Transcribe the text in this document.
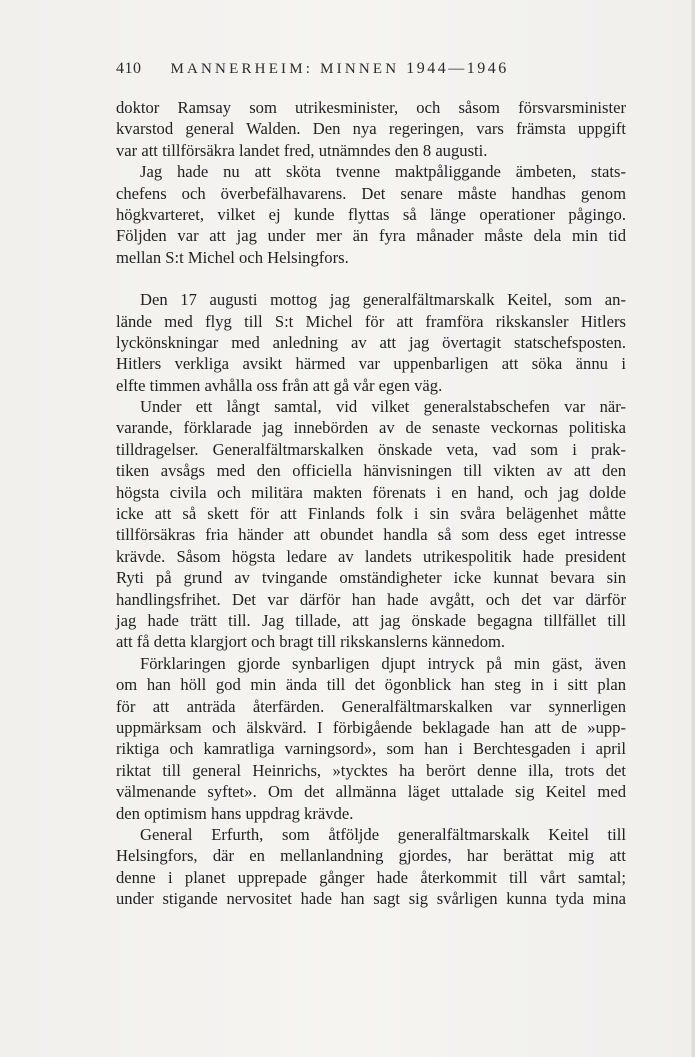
410 MANNERHEIM: MINNEN 1944—1946
doktor Ramsay som utrikesminister, och såsom försvarsminister
kvarstod general Walden. Den nya regeringen, vars främsta uppgift
var att tillförsäkra landet fred, utnämndes den 8 augusti.
Jag hade nu att sköta tvenne maktpåliggande ämbeten, stats-
chefens och överbefälhavarens. Det senare måste handhas genom
högkvarteret, vilket ej kunde flyttas så länge operationer pågingo.
Följden var att jag under mer än fyra månader måste dela min tid
mellan S:t Michel och Helsingfors.
Den 17 augusti mottog jag generalfältmarskalk Keitel, som an-
lände med flyg till S:t Michel för att framföra rikskansler Hitlers
lyckönskningar med anledning av att jag övertagit statschefsposten.
Hitlers verkliga avsikt härmed var uppenbarligen att söka ännu i
elfte timmen avhålla oss från att gå vår egen väg.
Under ett långt samtal, vid vilket generalstabschefen var när-
varande, förklarade jag innebörden av de senaste veckornas politiska
tilldragelser. Generalfältmarskalken önskade veta, vad som i prak-
tiken avsågs med den officiella hänvisningen till vikten av att den
högsta civila och militära makten förenats i en hand, och jag dolde
icke att så skett för att Finlands folk i sin svåra belägenhet måtte
tillförsäkras fria händer att obundet handla så som dess eget intresse
krävde. Såsom högsta ledare av landets utrikespolitik hade president
Ryti på grund av tvingande omständigheter icke kunnat bevara sin
handlingsfrihet. Det var därför han hade avgått, och det var därför
jag hade trätt till. Jag tillade, att jag önskade begagna tillfället till
att få detta klargjort och bragt till rikskanslerns kännedom.
Förklaringen gjorde synbarligen djupt intryck på min gäst, även
om han höll god min ända till det ögonblick han steg in i sitt plan
för att anträda återfärden. Generalfältmarskalken var synnerligen
uppmärksam och älskvärd. I förbigående beklagade han att de »upp-
riktiga och kamratliga varningsord», som han i Berchtesgaden i april
riktat till general Heinrichs, »tycktes ha berört denne illa, trots det
välmenande syftet». Om det allmänna läget uttalade sig Keitel med
den optimism hans uppdrag krävde.
General Erfurth, som åtföljde generalfältmarskalk Keitel till
Helsingfors, där en mellanlandning gjordes, har berättat mig att
denne i planet upprepade gånger hade återkommit till vårt samtal;
under stigande nervositet hade han sagt sig svårligen kunna tyda mina
